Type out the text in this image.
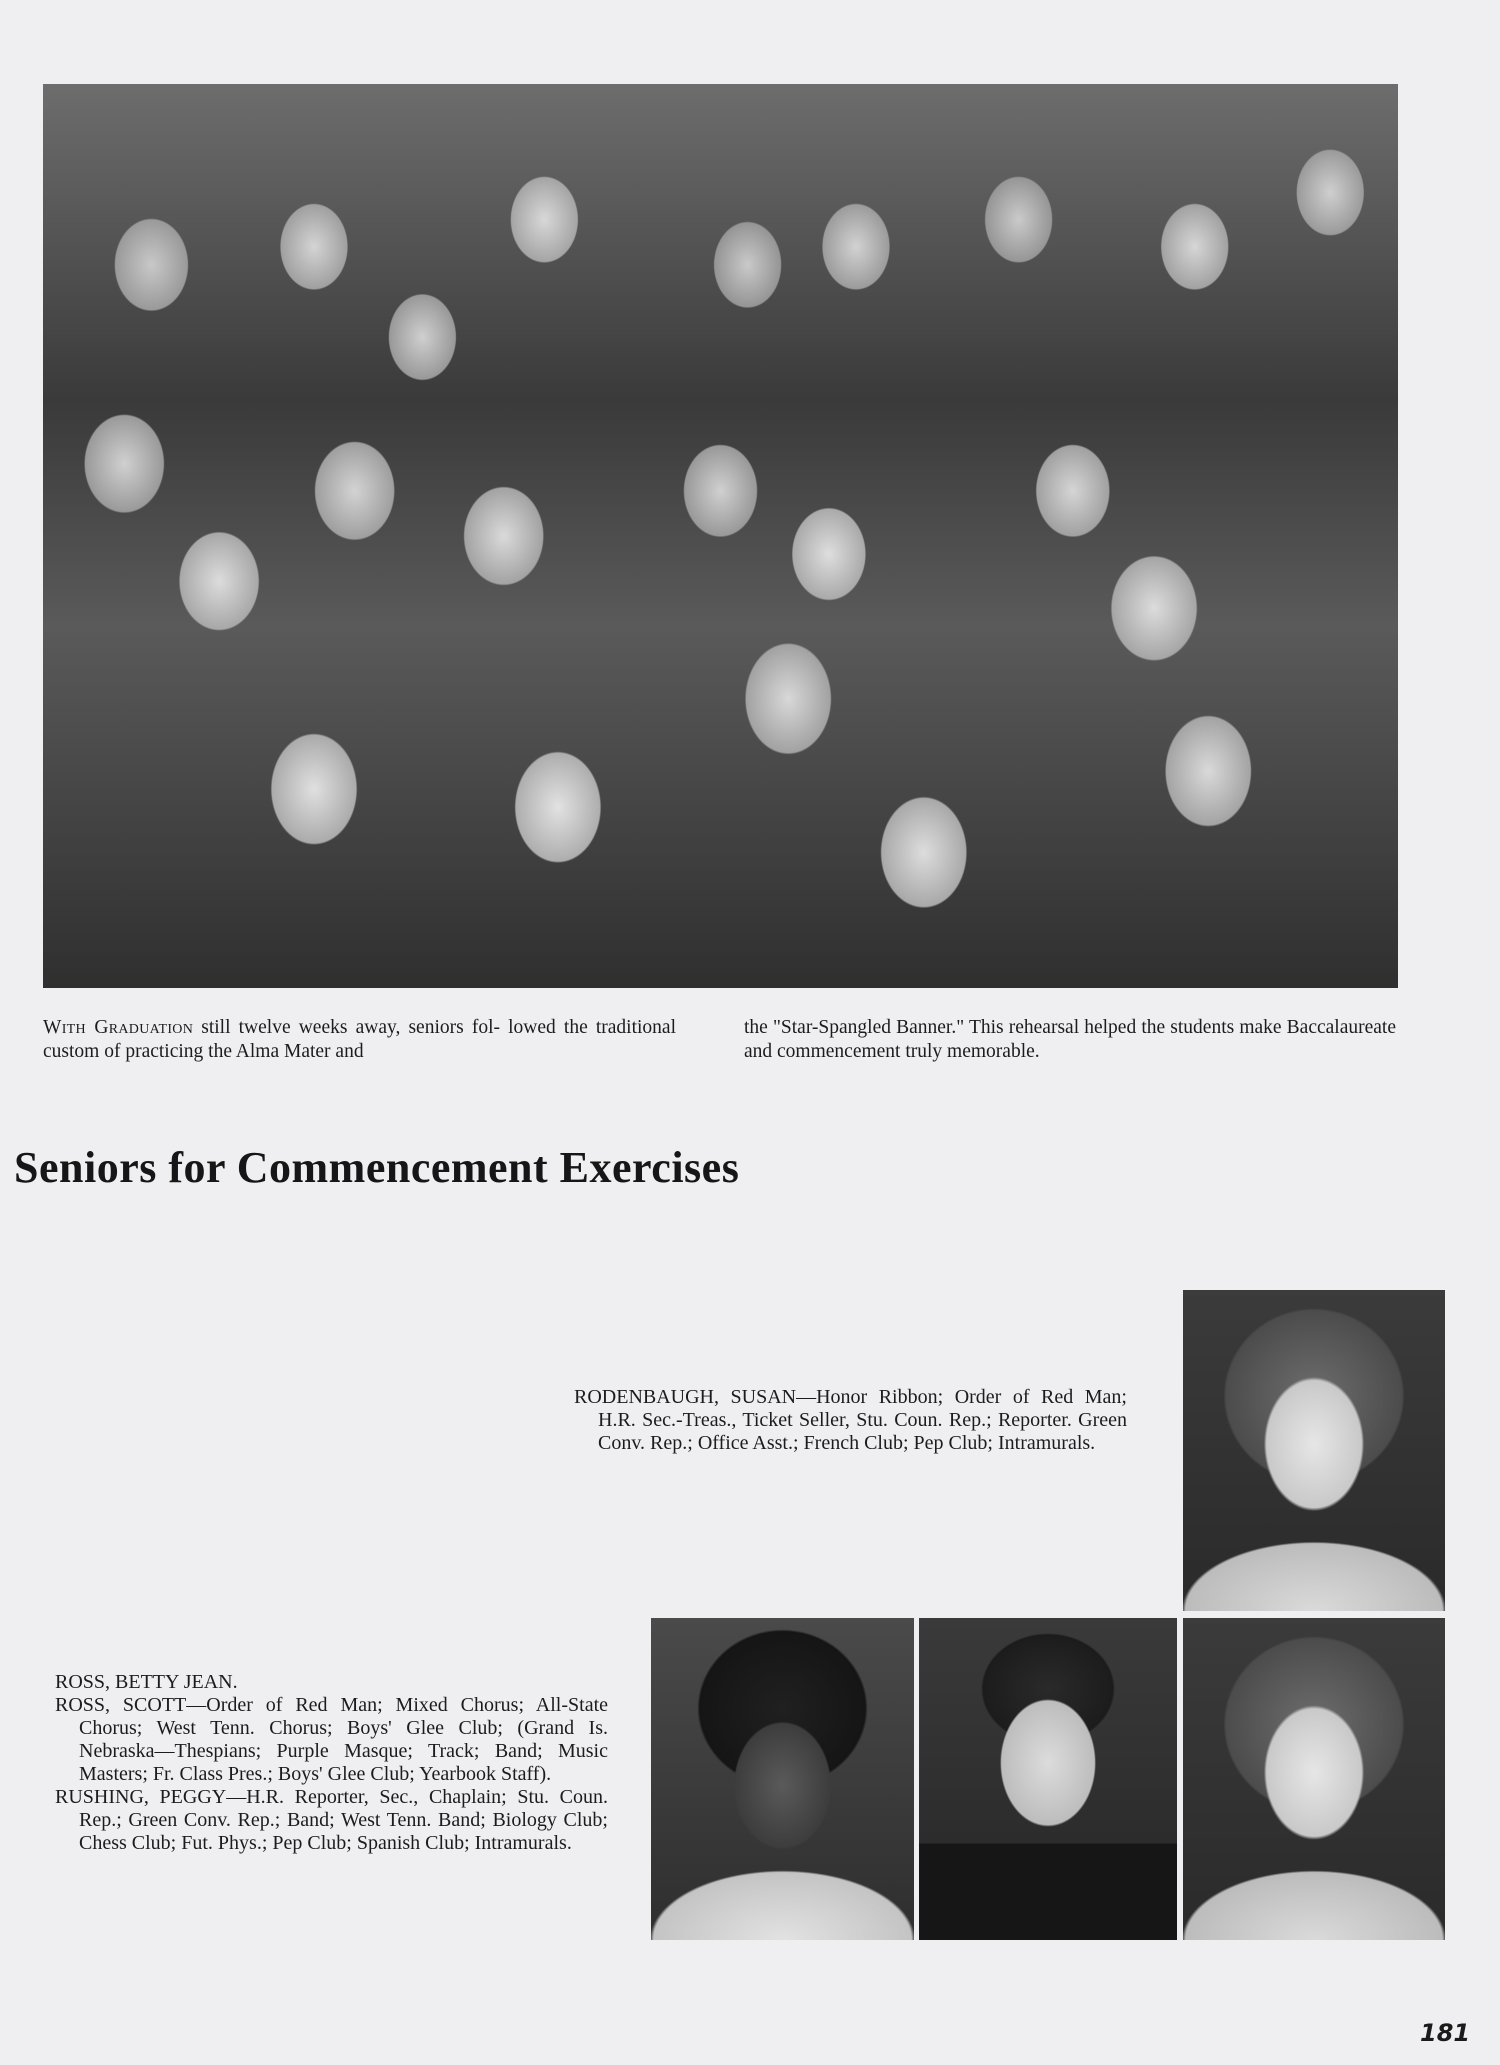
With Graduation still twelve weeks away, seniors fol- lowed the traditional custom of practicing the Alma Mater and

the "Star-Spangled Banner." This rehearsal helped the students make Baccalaureate and commencement truly memorable.

Seniors for Commencement Exercises

RODENBAUGH, SUSAN—Honor Ribbon; Order of Red Man; H.R. Sec.-Treas., Ticket Seller, Stu. Coun. Rep.; Reporter. Green Conv. Rep.; Office Asst.; French Club; Pep Club; Intramurals.

ROSS, BETTY JEAN.

ROSS, SCOTT—Order of Red Man; Mixed Chorus; All-State Chorus; West Tenn. Chorus; Boys' Glee Club; (Grand Is. Nebraska—Thespians; Purple Masque; Track; Band; Music Masters; Fr. Class Pres.; Boys' Glee Club; Yearbook Staff).

RUSHING, PEGGY—H.R. Reporter, Sec., Chaplain; Stu. Coun. Rep.; Green Conv. Rep.; Band; West Tenn. Band; Biology Club; Chess Club; Fut. Phys.; Pep Club; Spanish Club; Intramurals.

181
